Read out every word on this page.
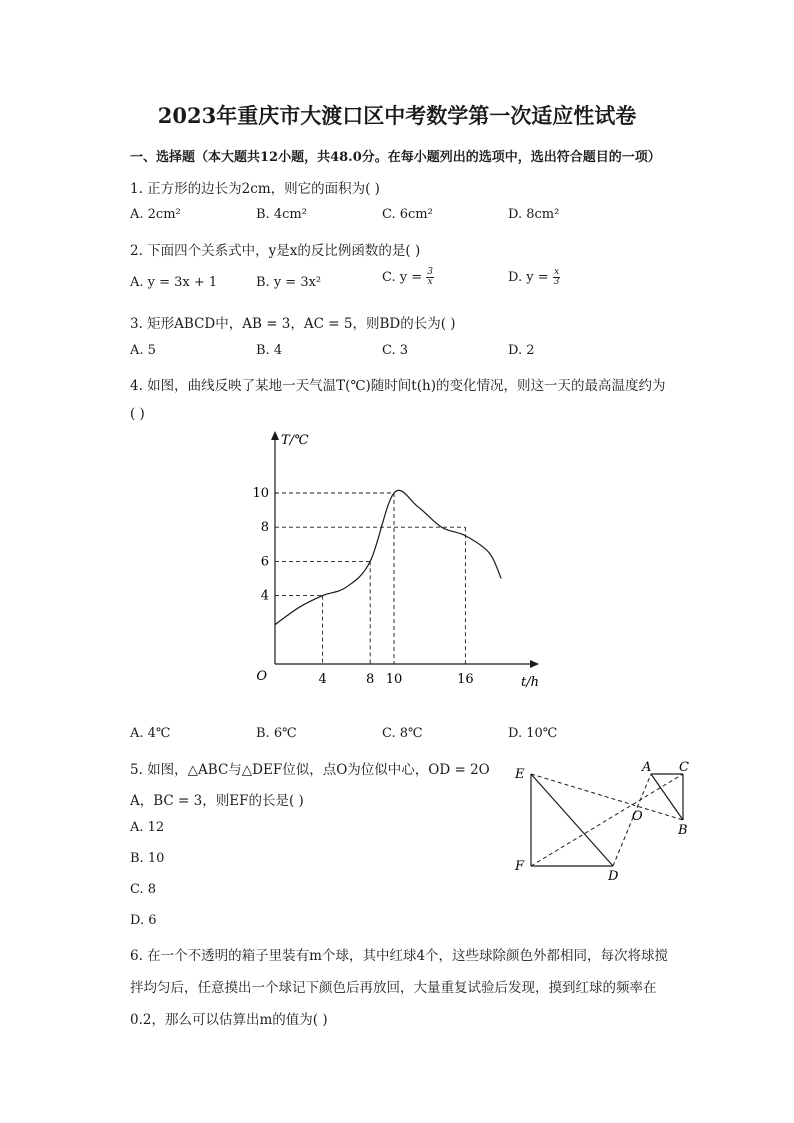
2023年重庆市大渡口区中考数学第一次适应性试卷
一、选择题（本大题共12小题，共48.0分。在每小题列出的选项中，选出符合题目的一项）
1. 正方形的边长为2cm，则它的面积为( )
A. 2cm²	B. 4cm²	C. 6cm²	D. 8cm²
2. 下面四个关系式中，y是x的反比例函数的是( )
A. y = 3x + 1	B. y = 3x²	C. $y = \frac{3}{x}$	D. $y = \frac{x}{3}$
3. 矩形ABCD中，AB = 3，AC = 5，则BD的长为( )
A. 5	B. 4	C. 3	D. 2
4. 如图，曲线反映了某地一天气温T(℃)随时间t(h)的变化情况，则这一天的最高温度约为
( )
4	8 10	16
4
6
8
10
O
T/℃
t/h
A. 4℃	B. 6℃	C. 8℃	D. 10℃
5. 如图，△ABC与△DEF位似，点O为位似中心，OD = 2O
A，BC = 3，则EF的长是( )
A. 12
B. 10
C. 8
D. 6
E
F
D
A C
B
O
6. 在一个不透明的箱子里装有m个球，其中红球4个，这些球除颜色外都相同，每次将球搅
拌均匀后，任意摸出一个球记下颜色后再放回，大量重复试验后发现，摸到红球的频率在
0.2，那么可以估算出m的值为( )
